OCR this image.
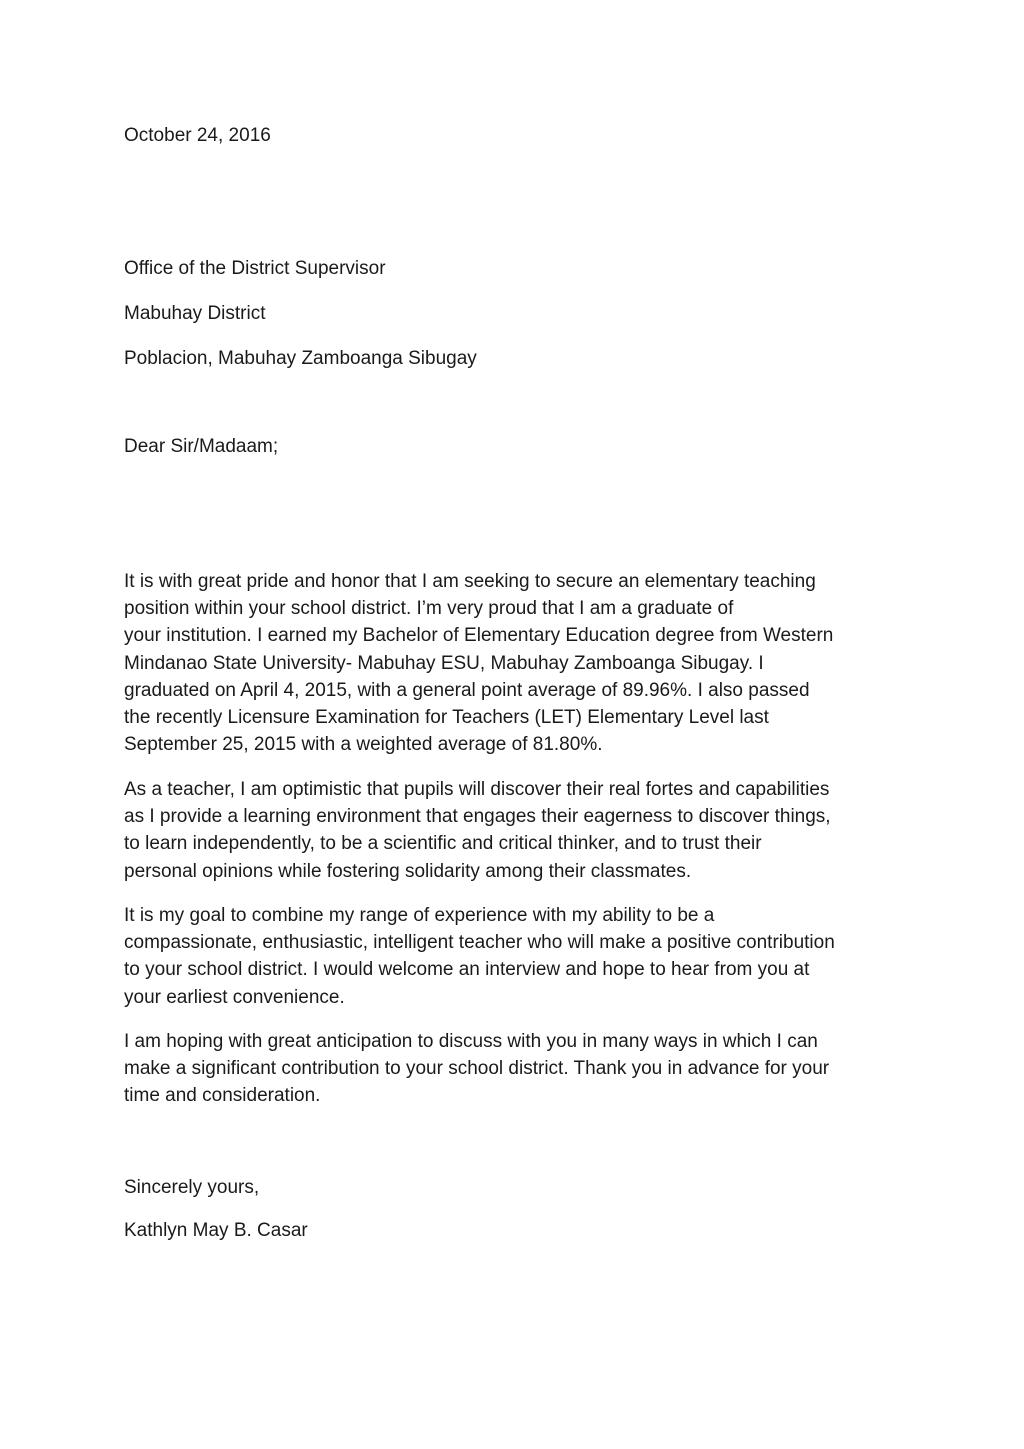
October 24, 2016
Office of the District Supervisor
Mabuhay District
Poblacion, Mabuhay Zamboanga Sibugay
Dear Sir/Madaam;
It is with great pride and honor that I am seeking to secure an elementary teaching
position within your school district. I’m very proud that I am a graduate of
your institution. I earned my Bachelor of Elementary Education degree from Western
Mindanao State University- Mabuhay ESU, Mabuhay Zamboanga Sibugay. I
graduated on April 4, 2015, with a general point average of 89.96%. I also passed
the recently Licensure Examination for Teachers (LET) Elementary Level last
September 25, 2015 with a weighted average of 81.80%.
As a teacher, I am optimistic that pupils will discover their real fortes and capabilities
as I provide a learning environment that engages their eagerness to discover things,
to learn independently, to be a scientific and critical thinker, and to trust their
personal opinions while fostering solidarity among their classmates.
It is my goal to combine my range of experience with my ability to be a
compassionate, enthusiastic, intelligent teacher who will make a positive contribution
to your school district. I would welcome an interview and hope to hear from you at
your earliest convenience.
I am hoping with great anticipation to discuss with you in many ways in which I can
make a significant contribution to your school district. Thank you in advance for your
time and consideration.
Sincerely yours,
Kathlyn May B. Casar
